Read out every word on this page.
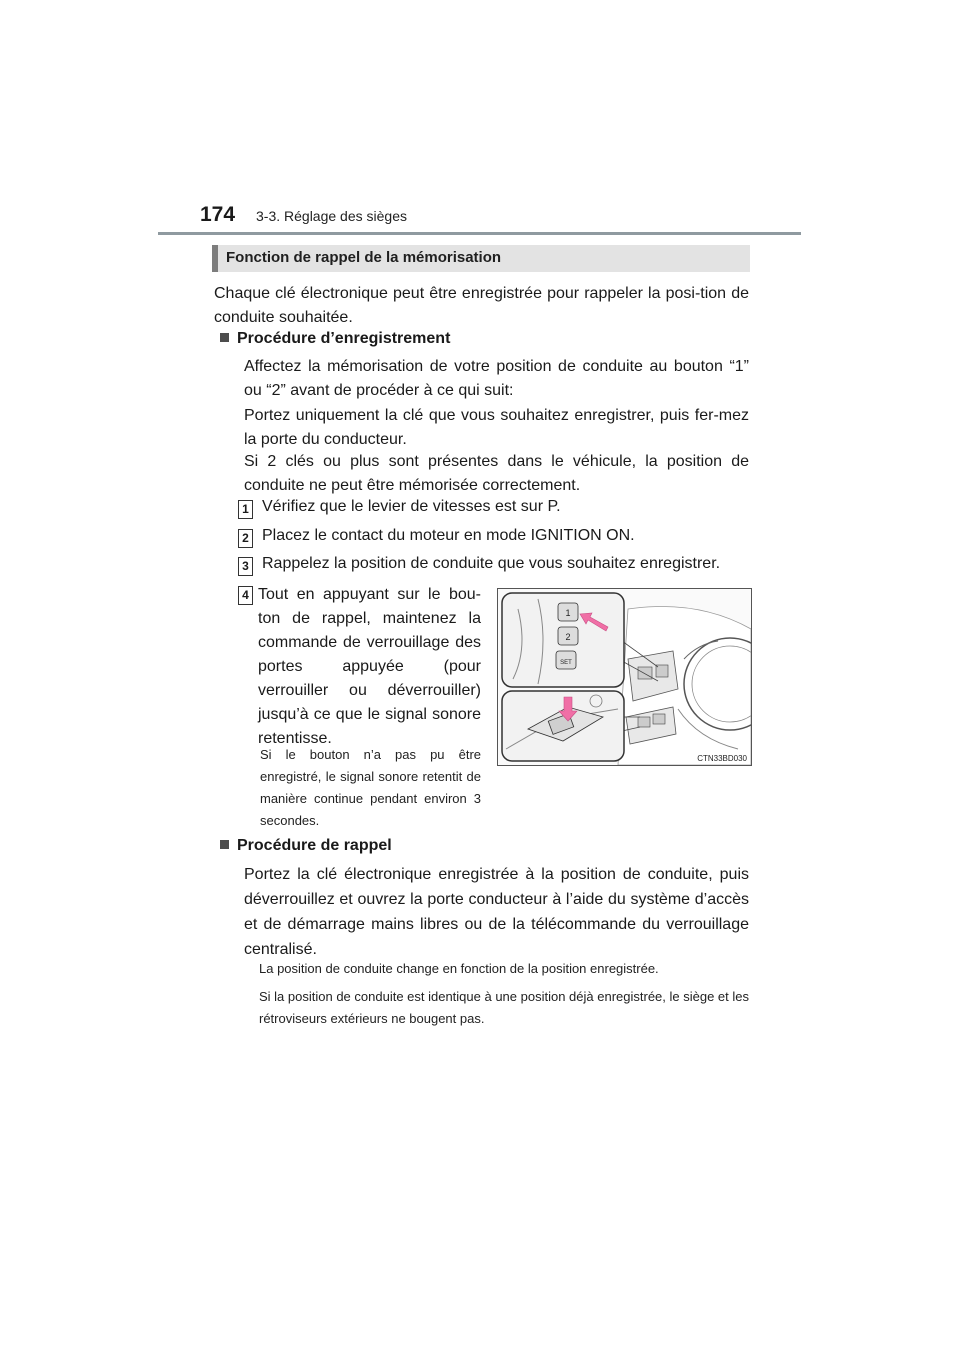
174 3-3. Réglage des sièges
Fonction de rappel de la mémorisation
Chaque clé électronique peut être enregistrée pour rappeler la posi-tion de conduite souhaitée.
Procédure d’enregistrement
Affectez la mémorisation de votre position de conduite au bouton “1” ou “2” avant de procéder à ce qui suit:
Portez uniquement la clé que vous souhaitez enregistrer, puis fer-mez la porte du conducteur.
Si 2 clés ou plus sont présentes dans le véhicule, la position de conduite ne peut être mémorisée correctement.
1 Vérifiez que le levier de vitesses est sur P.
2 Placez le contact du moteur en mode IGNITION ON.
3 Rappelez la position de conduite que vous souhaitez enregistrer.
4 Tout en appuyant sur le bou-ton de rappel, maintenez la commande de verrouillage des portes appuyée (pour verrouiller ou déverrouiller) jusqu’à ce que le signal sonore retentisse.
Si le bouton n’a pas pu être enregistré, le signal sonore retentit de manière continue pendant environ 3 secondes.
1
2
SET
CTN33BD030
Procédure de rappel
Portez la clé électronique enregistrée à la position de conduite, puis déverrouillez et ouvrez la porte conducteur à l’aide du système d’accès et de démarrage mains libres ou de la télécommande du verrouillage centralisé.
La position de conduite change en fonction de la position enregistrée.
Si la position de conduite est identique à une position déjà enregistrée, le siège et les rétroviseurs extérieurs ne bougent pas.
